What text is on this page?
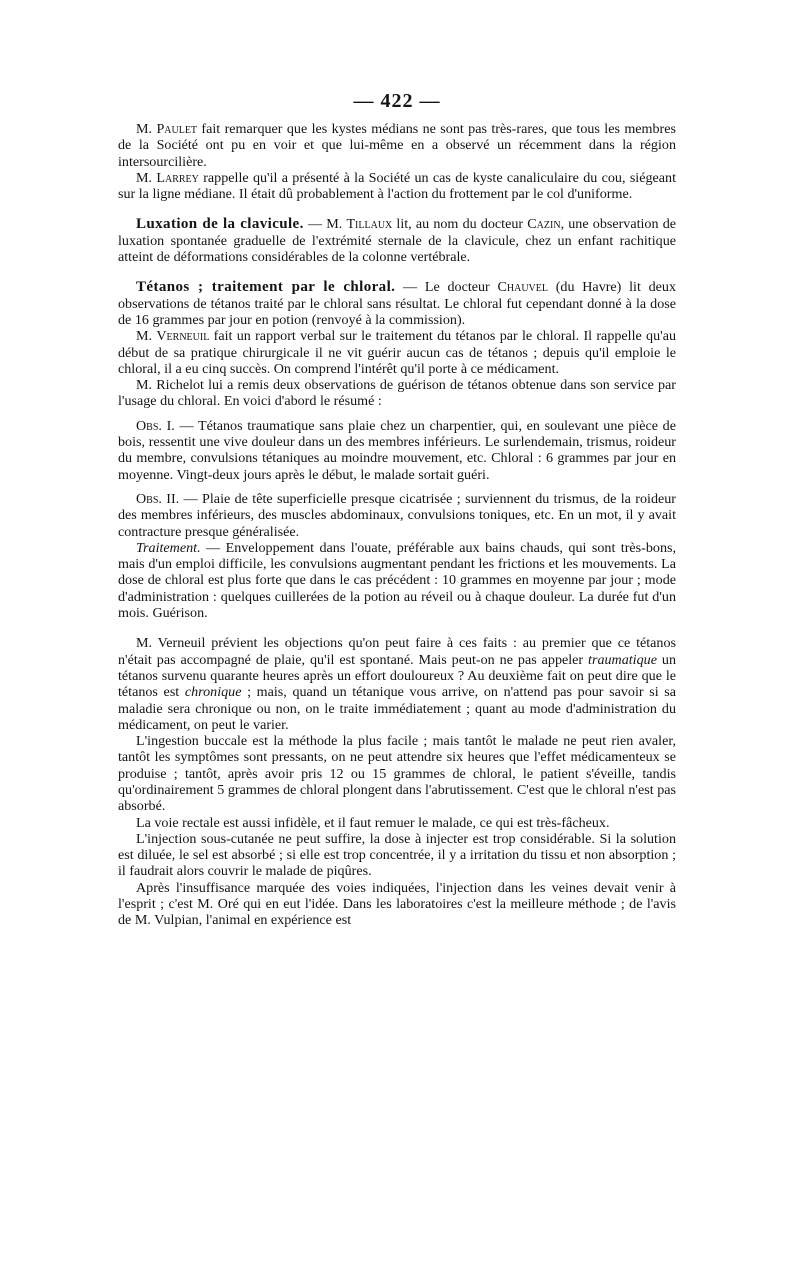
— 422 —

M. Paulet fait remarquer que les kystes médians ne sont pas très-rares, que tous les membres de la Société ont pu en voir et que lui-même en a observé un récemment dans la région intersourcilière.

M. Larrey rappelle qu'il a présenté à la Société un cas de kyste canaliculaire du cou, siégeant sur la ligne médiane. Il était dû probablement à l'action du frottement par le col d'uniforme.

Luxation de la clavicule. — M. Tillaux lit, au nom du docteur Cazin, une observation de luxation spontanée graduelle de l'extrémité sternale de la clavicule, chez un enfant rachitique atteint de déformations considérables de la colonne vertébrale.

Tétanos ; traitement par le chloral. — Le docteur Chauvel (du Havre) lit deux observations de tétanos traité par le chloral sans résultat. Le chloral fut cependant donné à la dose de 16 grammes par jour en potion (renvoyé à la commission).

M. Verneuil fait un rapport verbal sur le traitement du tétanos par le chloral. Il rappelle qu'au début de sa pratique chirurgicale il ne vit guérir aucun cas de tétanos ; depuis qu'il emploie le chloral, il a eu cinq succès. On comprend l'intérêt qu'il porte à ce médicament.

M. Richelot lui a remis deux observations de guérison de tétanos obtenue dans son service par l'usage du chloral. En voici d'abord le résumé :

Obs. I. — Tétanos traumatique sans plaie chez un charpentier, qui, en soulevant une pièce de bois, ressentit une vive douleur dans un des membres inférieurs. Le surlendemain, trismus, roideur du membre, convulsions tétaniques au moindre mouvement, etc. Chloral : 6 grammes par jour en moyenne. Vingt-deux jours après le début, le malade sortait guéri.

Obs. II. — Plaie de tête superficielle presque cicatrisée ; surviennent du trismus, de la roideur des membres inférieurs, des muscles abdominaux, convulsions toniques, etc. En un mot, il y avait contracture presque généralisée.

Traitement. — Enveloppement dans l'ouate, préférable aux bains chauds, qui sont très-bons, mais d'un emploi difficile, les convulsions augmentant pendant les frictions et les mouvements. La dose de chloral est plus forte que dans le cas précédent : 10 grammes en moyenne par jour ; mode d'administration : quelques cuillerées de la potion au réveil ou à chaque douleur. La durée fut d'un mois. Guérison.

M. Verneuil prévient les objections qu'on peut faire à ces faits : au premier que ce tétanos n'était pas accompagné de plaie, qu'il est spontané. Mais peut-on ne pas appeler traumatique un tétanos survenu quarante heures après un effort douloureux ? Au deuxième fait on peut dire que le tétanos est chronique ; mais, quand un tétanique vous arrive, on n'attend pas pour savoir si sa maladie sera chronique ou non, on le traite immédiatement ; quant au mode d'administration du médicament, on peut le varier.

L'ingestion buccale est la méthode la plus facile ; mais tantôt le malade ne peut rien avaler, tantôt les symptômes sont pressants, on ne peut attendre six heures que l'effet médicamenteux se produise ; tantôt, après avoir pris 12 ou 15 grammes de chloral, le patient s'éveille, tandis qu'ordinairement 5 grammes de chloral plongent dans l'abrutissement. C'est que le chloral n'est pas absorbé.

La voie rectale est aussi infidèle, et il faut remuer le malade, ce qui est très-fâcheux.

L'injection sous-cutanée ne peut suffire, la dose à injecter est trop considérable. Si la solution est diluée, le sel est absorbé ; si elle est trop concentrée, il y a irritation du tissu et non absorption ; il faudrait alors couvrir le malade de piqûres.

Après l'insuffisance marquée des voies indiquées, l'injection dans les veines devait venir à l'esprit ; c'est M. Oré qui en eut l'idée. Dans les laboratoires c'est la meilleure méthode ; de l'avis de M. Vulpian, l'animal en expérience est
